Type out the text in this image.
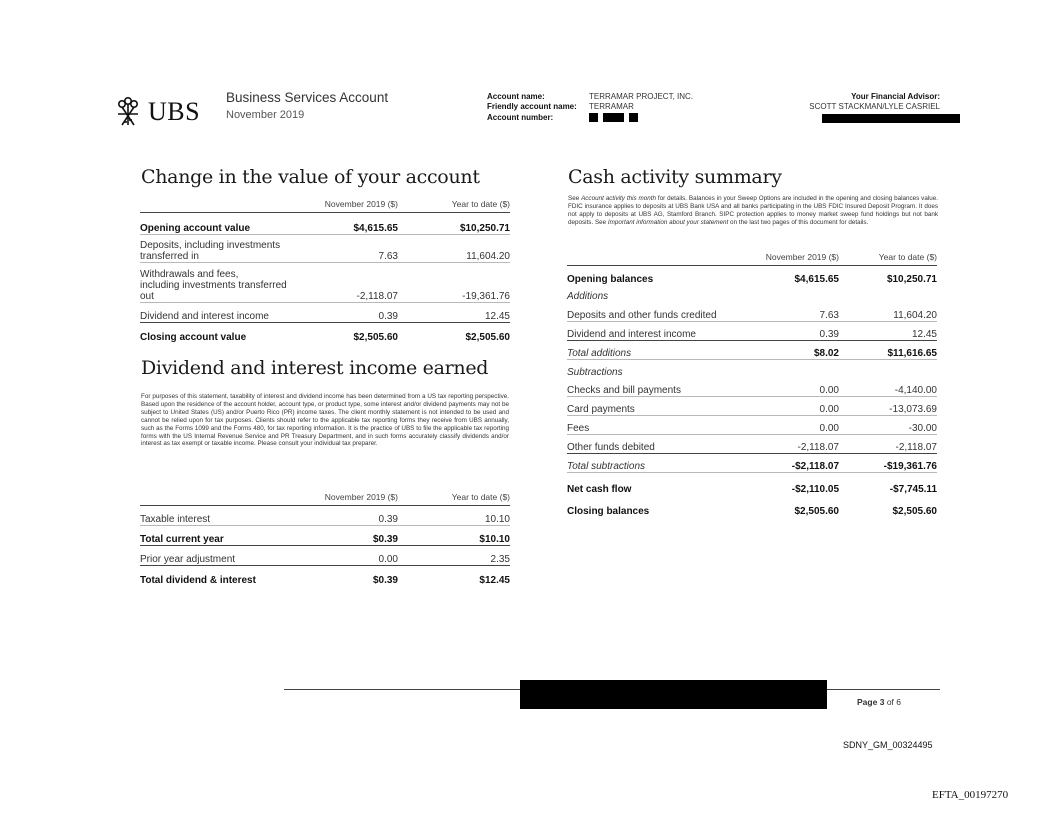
UBS Business Services Account
November 2019
Account name:	TERRAMAR PROJECT, INC.
Friendly account name: TERRAMAR
Account number:
Your Financial Advisor:
SCOTT STACKMAN/LYLE CASRIEL
Change in the value of your account
	November 2019 ($)	Year to date ($)
Opening account value	$4,615.65	$10,250.71
Deposits, including investments
transferred in	7.63	11,604.20
Withdrawals and fees,
including investments transferred
out	-2,118.07	-19,361.76
Dividend and interest income	0.39	12.45
Closing account value	$2,505.60	$2,505.60
Dividend and interest income earned
For purposes of this statement, taxability of interest and dividend income has been determined from a US tax reporting perspective. Based upon the residence of the account holder, account type, or product type, some interest and/or dividend payments may not be subject to United States (US) and/or Puerto Rico (PR) income taxes. The client monthly statement is not intended to be used and cannot be relied upon for tax purposes. Clients should refer to the applicable tax reporting forms they receive from UBS annually, such as the Forms 1099 and the Forms 480, for tax reporting information. It is the practice of UBS to file the applicable tax reporting forms with the US Internal Revenue Service and PR Treasury Department, and in such forms accurately classify dividends and/or interest as tax exempt or taxable income. Please consult your individual tax preparer.
	November 2019 ($)	Year to date ($)
Taxable interest	0.39	10.10
Total current year	$0.39	$10.10
Prior year adjustment	0.00	2.35
Total dividend & interest	$0.39	$12.45
Cash activity summary
See Account activity this month for details. Balances in your Sweep Options are included in the opening and closing balances value. FDIC insurance applies to deposits at UBS Bank USA and all banks participating in the UBS FDIC Insured Deposit Program. It does not apply to deposits at UBS AG, Stamford Branch. SIPC protection applies to money market sweep fund holdings but not bank deposits. See Important information about your statement on the last two pages of this document for details.
	November 2019 ($)	Year to date ($)
Opening balances	$4,615.65	$10,250.71
Additions		
Deposits and other funds credited	7.63	11,604.20
Dividend and interest income	0.39	12.45
Total additions	$8.02	$11,616.65
Subtractions		
Checks and bill payments	0.00	-4,140.00
Card payments	0.00	-13,073.69
Fees	0.00	-30.00
Other funds debited	-2,118.07	-2,118.07
Total subtractions	-$2,118.07	-$19,361.76
Net cash flow	-$2,110.05	-$7,745.11
Closing balances	$2,505.60	$2,505.60
Page 3 of 6
SDNY_GM_00324495
EFTA_00197270
